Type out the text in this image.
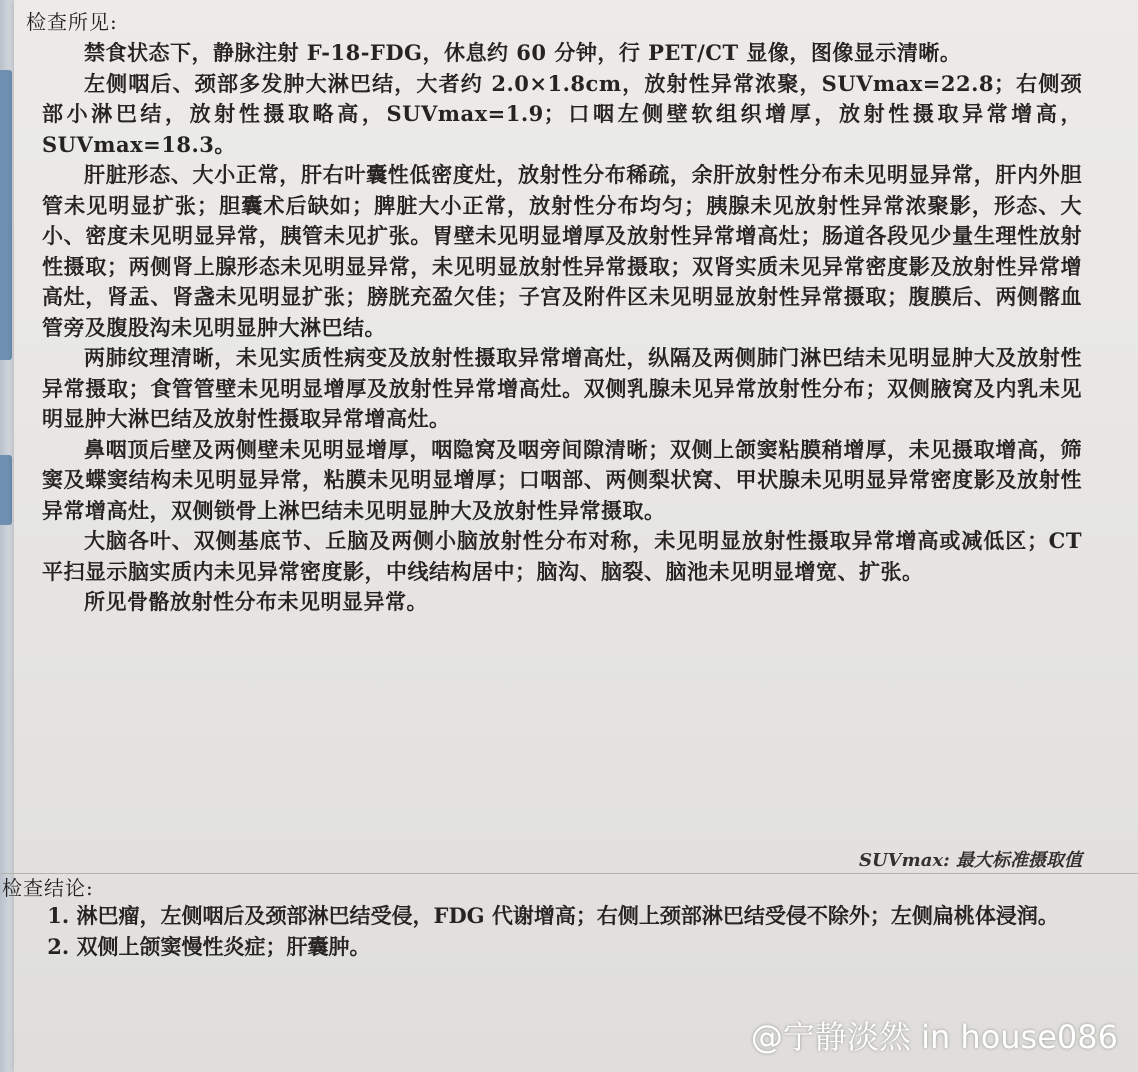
检查所见:

禁食状态下，静脉注射 F-18-FDG，休息约 60 分钟，行 PET/CT 显像，图像显示清晰。

左侧咽后、颈部多发肿大淋巴结，大者约 2.0×1.8cm，放射性异常浓聚，SUVmax=22.8；右侧颈部小淋巴结，放射性摄取略高，SUVmax=1.9；口咽左侧壁软组织增厚，放射性摄取异常增高，SUVmax=18.3。

肝脏形态、大小正常，肝右叶囊性低密度灶，放射性分布稀疏，余肝放射性分布未见明显异常，肝内外胆管未见明显扩张；胆囊术后缺如；脾脏大小正常，放射性分布均匀；胰腺未见放射性异常浓聚影，形态、大小、密度未见明显异常，胰管未见扩张。胃壁未见明显增厚及放射性异常增高灶；肠道各段见少量生理性放射性摄取；两侧肾上腺形态未见明显异常，未见明显放射性异常摄取；双肾实质未见异常密度影及放射性异常增高灶，肾盂、肾盏未见明显扩张；膀胱充盈欠佳；子宫及附件区未见明显放射性异常摄取；腹膜后、两侧髂血管旁及腹股沟未见明显肿大淋巴结。

两肺纹理清晰，未见实质性病变及放射性摄取异常增高灶，纵隔及两侧肺门淋巴结未见明显肿大及放射性异常摄取；食管管壁未见明显增厚及放射性异常增高灶。双侧乳腺未见异常放射性分布；双侧腋窝及内乳未见明显肿大淋巴结及放射性摄取异常增高灶。

鼻咽顶后壁及两侧壁未见明显增厚，咽隐窝及咽旁间隙清晰；双侧上颌窦粘膜稍增厚，未见摄取增高，筛窦及蝶窦结构未见明显异常，粘膜未见明显增厚；口咽部、两侧梨状窝、甲状腺未见明显异常密度影及放射性异常增高灶，双侧锁骨上淋巴结未见明显肿大及放射性异常摄取。

大脑各叶、双侧基底节、丘脑及两侧小脑放射性分布对称，未见明显放射性摄取异常增高或减低区；CT 平扫显示脑实质内未见异常密度影，中线结构居中；脑沟、脑裂、脑池未见明显增宽、扩张。

所见骨骼放射性分布未见明显异常。

SUVmax: 最大标准摄取值
检查结论:

1. 淋巴瘤，左侧咽后及颈部淋巴结受侵，FDG 代谢增高；右侧上颈部淋巴结受侵不除外；左侧扁桃体浸润。

2. 双侧上颌窦慢性炎症；肝囊肿。

@宁静淡然 in house086
